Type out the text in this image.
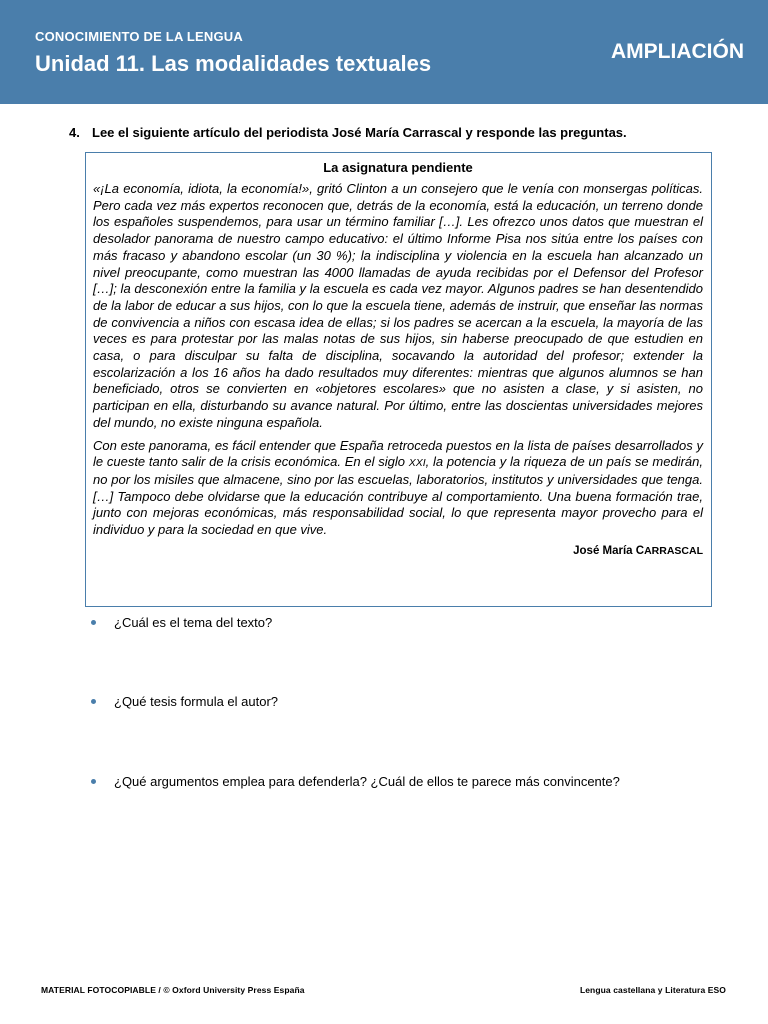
CONOCIMIENTO DE LA LENGUA
Unidad 11. Las modalidades textuales	AMPLIACIÓN
4. Lee el siguiente artículo del periodista José María Carrascal y responde las preguntas.
La asignatura pendiente

«¡La economía, idiota, la economía!», gritó Clinton a un consejero que le venía con monsergas políticas. Pero cada vez más expertos reconocen que, detrás de la economía, está la educación, un terreno donde los españoles suspendemos, para usar un término familiar […]. Les ofrezco unos datos que muestran el desolador panorama de nuestro campo educativo: el último Informe Pisa nos sitúa entre los países con más fracaso y abandono escolar (un 30 %); la indisciplina y violencia en la escuela han alcanzado un nivel preocupante, como muestran las 4000 llamadas de ayuda recibidas por el Defensor del Profesor […]; la desconexión entre la familia y la escuela es cada vez mayor. Algunos padres se han desentendido de la labor de educar a sus hijos, con lo que la escuela tiene, además de instruir, que enseñar las normas de convivencia a niños con escasa idea de ellas; si los padres se acercan a la escuela, la mayoría de las veces es para protestar por las malas notas de sus hijos, sin haberse preocupado de que estudien en casa, o para disculpar su falta de disciplina, socavando la autoridad del profesor; extender la escolarización a los 16 años ha dado resultados muy diferentes: mientras que algunos alumnos se han beneficiado, otros se convierten en «objetores escolares» que no asisten a clase, y si asisten, no participan en ella, disturbando su avance natural. Por último, entre las doscientas universidades mejores del mundo, no existe ninguna española.

Con este panorama, es fácil entender que España retroceda puestos en la lista de países desarrollados y le cueste tanto salir de la crisis económica. En el siglo XXI, la potencia y la riqueza de un país se medirán, no por los misiles que almacene, sino por las escuelas, laboratorios, institutos y universidades que tenga. […] Tampoco debe olvidarse que la educación contribuye al comportamiento. Una buena formación trae, junto con mejoras económicas, más responsabilidad social, lo que representa mayor provecho para el individuo y para la sociedad en que vive.

José María CARRASCAL
¿Cuál es el tema del texto?
¿Qué tesis formula el autor?
¿Qué argumentos emplea para defenderla? ¿Cuál de ellos te parece más convincente?
MATERIAL FOTOCOPIABLE / © Oxford University Press España	Lengua castellana y Literatura ESO
